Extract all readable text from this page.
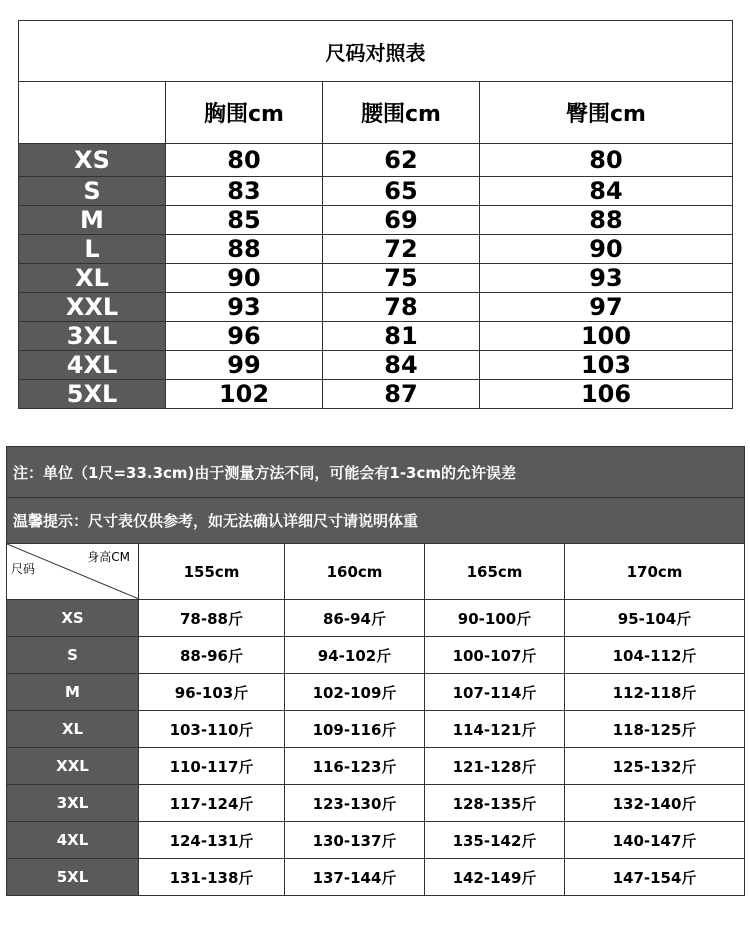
尺码对照表			
	胸围cm	腰围cm	臀围cm
XS	80	62	80
S	83	65	84
M	85	69	88
L	88	72	90
XL	90	75	93
XXL	93	78	97
3XL	96	81	100
4XL	99	84	103
5XL	102	87	106
注：单位（1尺=33.3cm)由于测量方法不同，可能会有1-3cm的允许误差				
温馨提示：尺寸表仅供参考，如无法确认详细尺寸请说明体重				

身高CM
尺码	155cm	160cm	165cm	170cm
XS	78-88斤	86-94斤	90-100斤	95-104斤
S	88-96斤	94-102斤	100-107斤	104-112斤
M	96-103斤	102-109斤	107-114斤	112-118斤
XL	103-110斤	109-116斤	114-121斤	118-125斤
XXL	110-117斤	116-123斤	121-128斤	125-132斤
3XL	117-124斤	123-130斤	128-135斤	132-140斤
4XL	124-131斤	130-137斤	135-142斤	140-147斤
5XL	131-138斤	137-144斤	142-149斤	147-154斤
